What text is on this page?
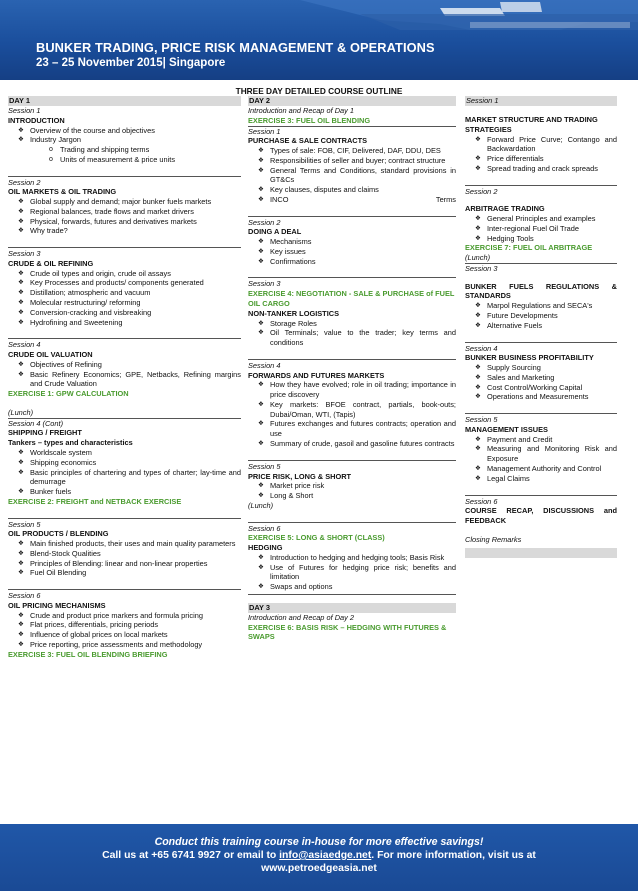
BUNKER TRADING, PRICE RISK MANAGEMENT & OPERATIONS
23 – 25 November 2015| Singapore
THREE DAY DETAILED COURSE OUTLINE
DAY 1
Session 1
INTRODUCTION
❖ Overview of the course and objectives
❖ Industry Jargon
o Trading and shipping terms
o Units of measurement & price units
Session 2
OIL MARKETS & OIL TRADING
❖ Global supply and demand; major bunker fuels markets
❖ Regional balances, trade flows and market drivers
❖ Physical, forwards, futures and derivatives markets
❖ Why trade?
Session 3
CRUDE & OIL REFINING
❖ Crude oil types and origin, crude oil assays
❖ Key Processes and products/ components generated
❖ Distillation; atmospheric and vacuum
❖ Molecular restructuring/ reforming
❖ Conversion-cracking and visbreaking
❖ Hydrofining and Sweetening
Session 4
CRUDE OIL VALUATION
❖ Objectives of Refining
❖ Basic Refinery Economics; GPE, Netbacks, Refining margins and Crude Valuation
EXERCISE 1: GPW CALCULATION
(Lunch)
Session 4 (Cont)
SHIPPING / FREIGHT
Tankers – types and characteristics
❖ Worldscale system
❖ Shipping economics
❖ Basic principles of chartering and types of charter; lay-time and demurrage
❖ Bunker fuels
EXERCISE 2: FREIGHT and NETBACK EXERCISE
Session 5
OIL PRODUCTS / BLENDING
❖ Main finished products, their uses and main quality parameters
❖ Blend-Stock Qualities
❖ Principles of Blending: linear and non-linear properties
❖ Fuel Oil Blending
Session 6
OIL PRICING MECHANISMS
❖ Crude and product price markers and formula pricing
❖ Flat prices, differentials, pricing periods
❖ Influence of global prices on local markets
❖ Price reporting, price assessments and methodology
EXERCISE 3: FUEL OIL BLENDING BRIEFING
DAY 2
Introduction and Recap of Day 1
EXERCISE 3: FUEL OIL BLENDING
Session 1
PURCHASE & SALE CONTRACTS
❖ Types of sale: FOB, CIF, Delivered, DAF, DDU, DES
❖ Responsibilities of seller and buyer; contract structure
❖ General Terms and Conditions, standard provisions in GT&Cs
❖ Key clauses, disputes and claims
❖ INCO	Terms
Session 2
DOING A DEAL
❖ Mechanisms
❖ Key issues
❖ Confirmations
Session 3
EXERCISE 4: NEGOTIATION - SALE & PURCHASE of FUEL OIL CARGO
NON-TANKER LOGISTICS
❖ Storage Roles
❖ Oil Terminals; value to the trader; key terms and conditions
Session 4
FORWARDS AND FUTURES MARKETS
❖ How they have evolved; role in oil trading; importance in price discovery
❖ Key markets: BFOE contract, partials, book-outs; Dubai/Oman, WTI, (Tapis)
❖ Futures exchanges and futures contracts; operation and use
❖ Summary of crude, gasoil and gasoline futures contracts
Session 5
PRICE RISK, LONG & SHORT
❖ Market price risk
❖ Long & Short
(Lunch)
Session 6
EXERCISE 5: LONG & SHORT (CLASS)
HEDGING
❖ Introduction to hedging and hedging tools; Basis Risk
❖ Use of Futures for hedging price risk; benefits and limitation
❖ Swaps and options
DAY 3
Introduction and Recap of Day 2
EXERCISE 6: BASIS RISK – HEDGING WITH FUTURES & SWAPS
Session 1
MARKET STRUCTURE AND TRADING STRATEGIES
❖ Forward Price Curve; Contango and Backwardation
❖ Price differentials
❖ Spread trading and crack spreads
Session 2
ARBITRAGE TRADING
❖ General Principles and examples
❖ Inter-regional Fuel Oil Trade
❖ Hedging Tools
EXERCISE 7: FUEL OIL ARBITRAGE
(Lunch)
Session 3
BUNKER FUELS REGULATIONS & STANDARDS
❖ Marpol Regulations and SECA's
❖ Future Developments
❖ Alternative Fuels
Session 4
BUNKER BUSINESS PROFITABILITY
❖ Supply Sourcing
❖ Sales and Marketing
❖ Cost Control/Working Capital
❖ Operations and Measurements
Session 5
MANAGEMENT ISSUES
❖ Payment and Credit
❖ Measuring and Monitoring Risk and Exposure
❖ Management Authority and Control
❖ Legal Claims
Session 6
COURSE RECAP, DISCUSSIONS and FEEDBACK
Closing Remarks
Conduct this training course in-house for more effective savings!
Call us at +65 6741 9927 or email to info@asiaedge.net. For more information, visit us at
www.petroedgeasia.net
